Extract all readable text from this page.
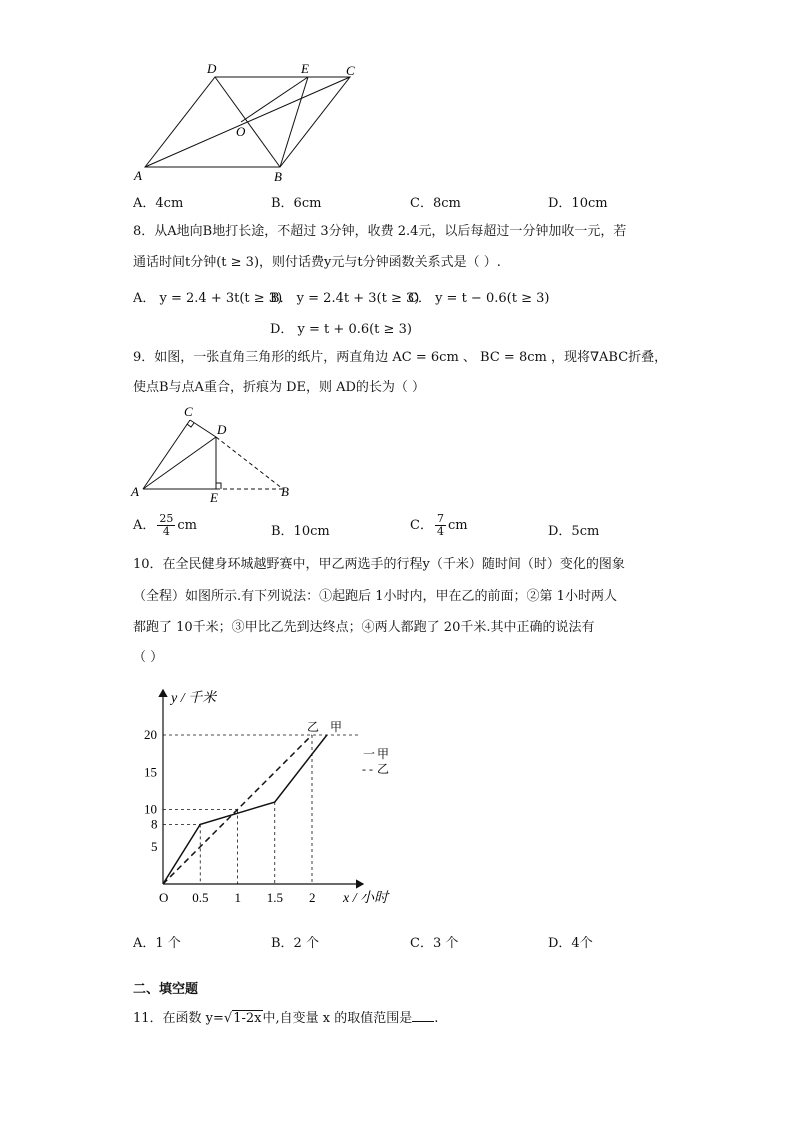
D	E	C
O
A	B
A．4cm	B．6cm	C．8cm	D．10cm
8．从A地向B地打长途，不超过 3分钟，收费 2.4元，以后每超过一分钟加收一元，若
通话时间t分钟(t ≥ 3)，则付话费y元与t分钟函数关系式是（ ）.
A． y = 2.4 + 3t(t ≥ 3)
B． y = 2.4t + 3(t ≥ 3)
C． y = t − 0.6(t ≥ 3)
D． y = t + 0.6(t ≥ 3)
9．如图，一张直角三角形的纸片，两直角边 AC = 6cm 、 BC = 8cm ，现将∇ABC折叠，
使点B与点A重合，折痕为 DE，则 AD的长为（ ）
C
D
A	E	B
A． $\frac{25}{4}$ cm	B．10cm	C． $\frac{7}{4}$ cm	D．5cm
10．在全民健身环城越野赛中，甲乙两选手的行程y（千米）随时间（时）变化的图象
（全程）如图所示.有下列说法：①起跑后 1小时内，甲在乙的前面；②第 1小时两人
都跑了 10千米；③甲比乙先到达终点；④两人都跑了 20千米.其中正确的说法有
（ ）
0.5 1 1.5 2
5
8
10
15
20
y / 千米
x / 小时
O
乙 甲
一 甲
- - 乙
A．1 个	B．2 个	C．3 个	D．4个
二、填空题
11．在函数 y=√1-2x中,自变量 x 的取值范围是 .
